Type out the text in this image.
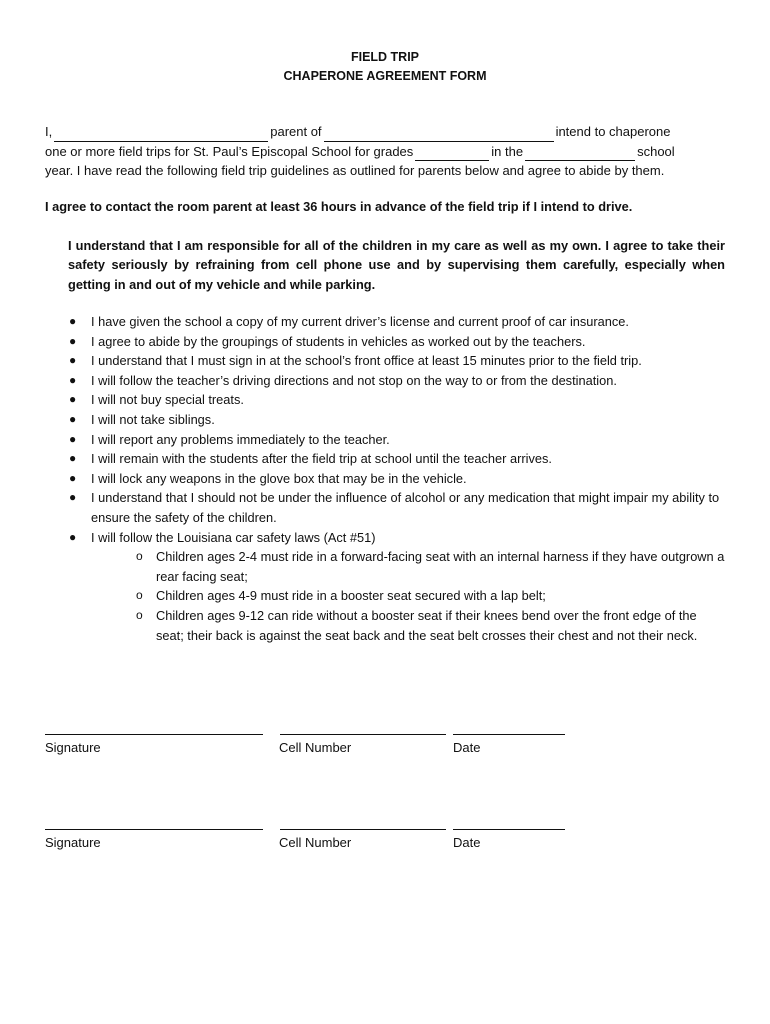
FIELD TRIP
CHAPERONE AGREEMENT FORM
I,	parent of	intend to chaperone
one or more field trips for St. Paul’s Episcopal School for grades	in the	school
year. I have read the following field trip guidelines as outlined for parents below and agree to abide by them.
I agree to contact the room parent at least 36 hours in advance of the field trip if I intend to drive.
I understand that I am responsible for all of the children in my care as well as my own. I agree to take their safety seriously by refraining from cell phone use and by supervising them carefully, especially when getting in and out of my vehicle and while parking.
● I have given the school a copy of my current driver’s license and current proof of car insurance.
● I agree to abide by the groupings of students in vehicles as worked out by the teachers.
● I understand that I must sign in at the school’s front office at least 15 minutes prior to the field trip.
● I will follow the teacher’s driving directions and not stop on the way to or from the destination.
● I will not buy special treats.
● I will not take siblings.
● I will report any problems immediately to the teacher.
● I will remain with the students after the field trip at school until the teacher arrives.
● I will lock any weapons in the glove box that may be in the vehicle.
● I understand that I should not be under the influence of alcohol or any medication that might impair my ability to ensure the safety of the children.
● I will follow the Louisiana car safety laws (Act #51)
o Children ages 2-4 must ride in a forward-facing seat with an internal harness if they have outgrown a rear facing seat;
o Children ages 4-9 must ride in a booster seat secured with a lap belt;
o Children ages 9-12 can ride without a booster seat if their knees bend over the front edge of the seat; their back is against the seat back and the seat belt crosses their chest and not their neck.
Signature	Cell Number	Date
Signature	Cell Number	Date
